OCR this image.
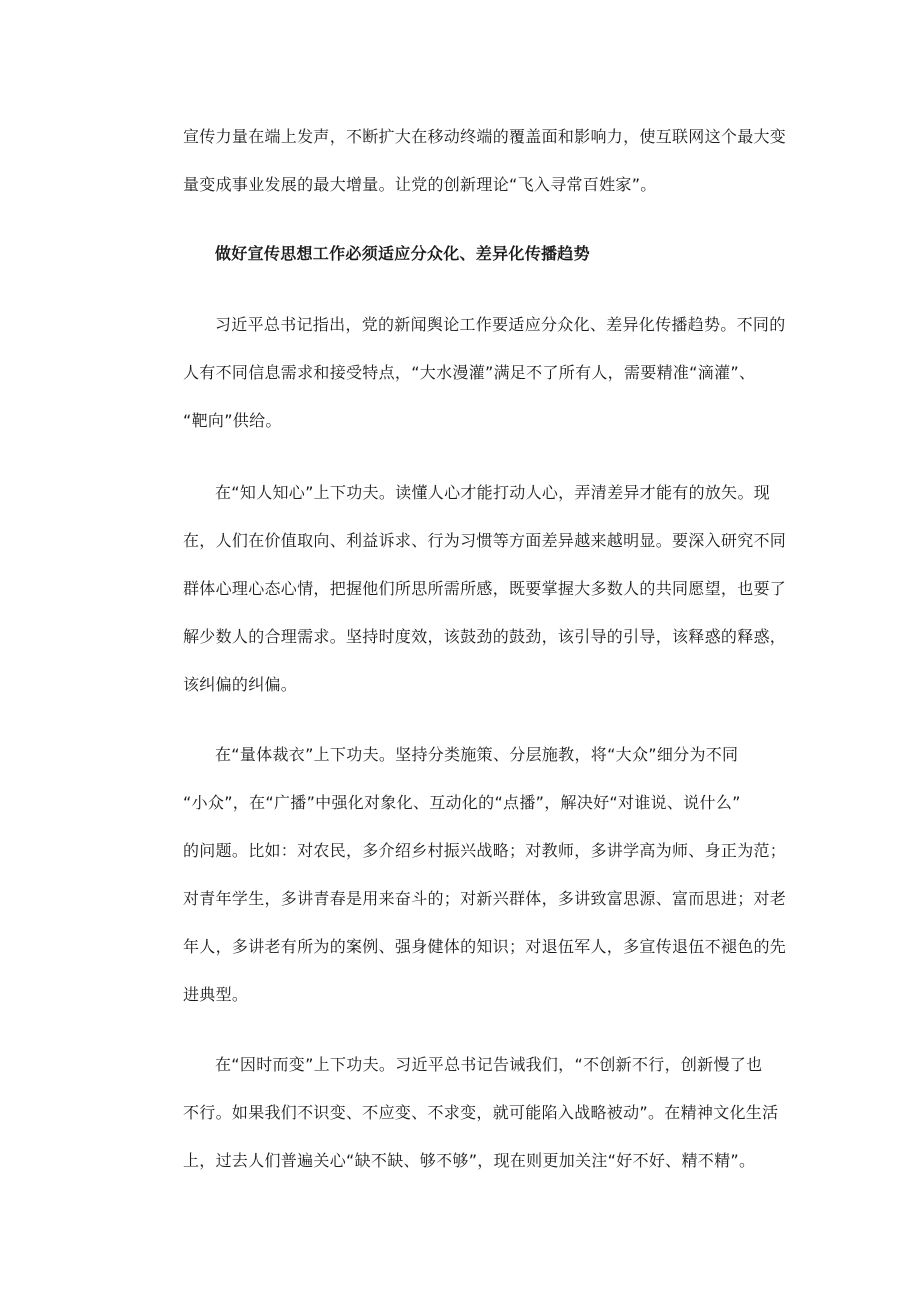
宣传力量在端上发声，不断扩大在移动终端的覆盖面和影响力，使互联网这个最大变
量变成事业发展的最大增量。让党的创新理论“飞入寻常百姓家”。
做好宣传思想工作必须适应分众化、差异化传播趋势
习近平总书记指出，党的新闻舆论工作要适应分众化、差异化传播趋势。不同的
人有不同信息需求和接受特点，“大水漫灌”满足不了所有人，需要精准“滴灌”、
“靶向”供给。
在“知人知心”上下功夫。读懂人心才能打动人心，弄清差异才能有的放矢。现
在，人们在价值取向、利益诉求、行为习惯等方面差异越来越明显。要深入研究不同
群体心理心态心情，把握他们所思所需所感，既要掌握大多数人的共同愿望，也要了
解少数人的合理需求。坚持时度效，该鼓劲的鼓劲，该引导的引导，该释惑的释惑，
该纠偏的纠偏。
在“量体裁衣”上下功夫。坚持分类施策、分层施教，将“大众”细分为不同
“小众”，在“广播”中强化对象化、互动化的“点播”，解决好“对谁说、说什么”
的问题。比如：对农民，多介绍乡村振兴战略；对教师，多讲学高为师、身正为范；
对青年学生，多讲青春是用来奋斗的；对新兴群体，多讲致富思源、富而思进；对老
年人，多讲老有所为的案例、强身健体的知识；对退伍军人，多宣传退伍不褪色的先
进典型。
在“因时而变”上下功夫。习近平总书记告诫我们，“不创新不行，创新慢了也
不行。如果我们不识变、不应变、不求变，就可能陷入战略被动”。在精神文化生活
上，过去人们普遍关心“缺不缺、够不够”，现在则更加关注“好不好、精不精”。
